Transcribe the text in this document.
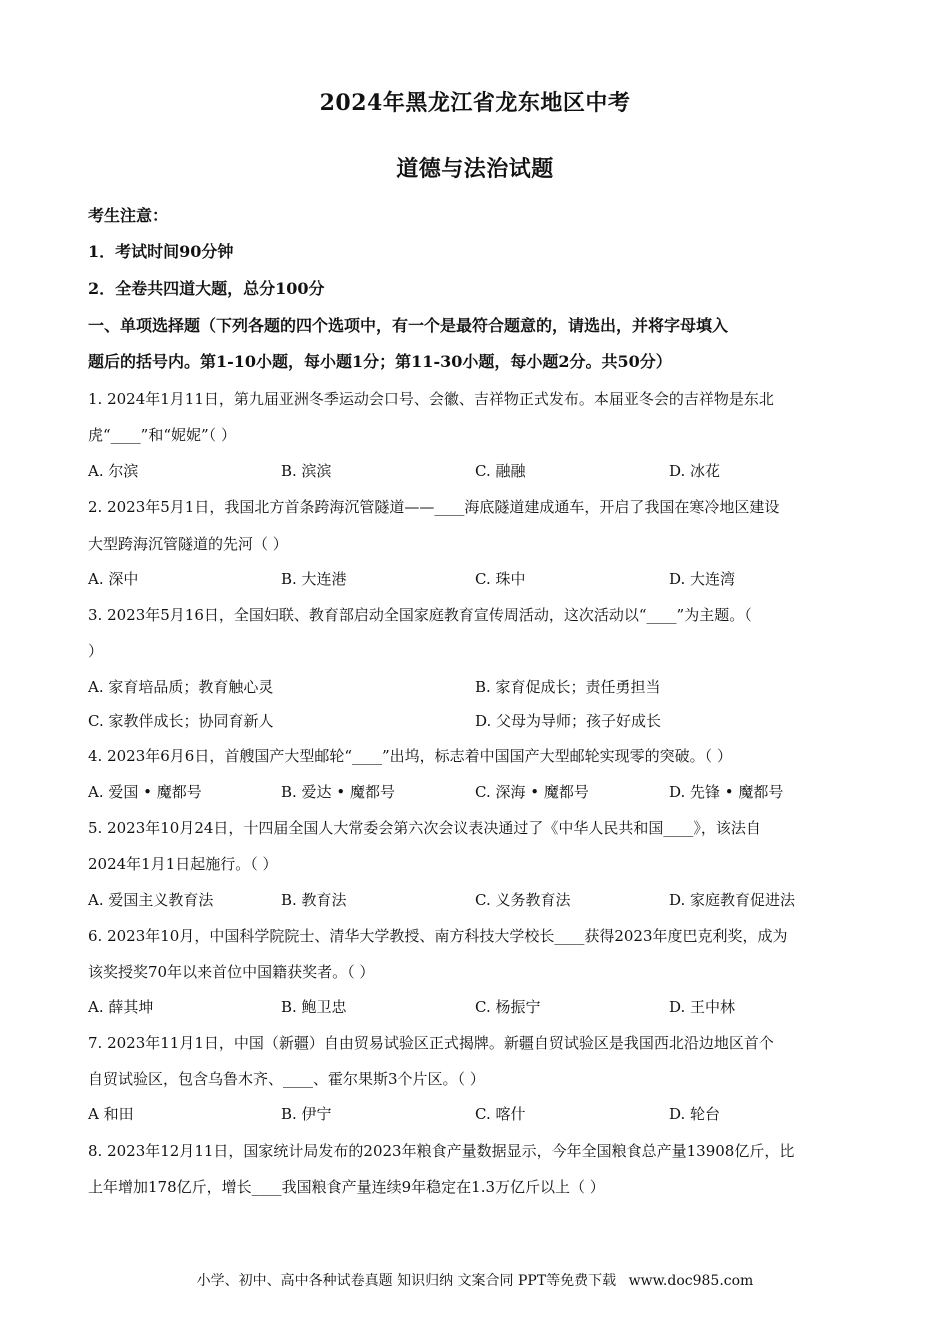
2024年黑龙江省龙东地区中考
道德与法治试题
考生注意：
1．考试时间90分钟
2．全卷共四道大题，总分100分
一、单项选择题（下列各题的四个选项中，有一个是最符合题意的，请选出，并将字母填入
题后的括号内。第1-10小题，每小题1分；第11-30小题，每小题2分。共50分）
1. 2024年1月11日，第九届亚洲冬季运动会口号、会徽、吉祥物正式发布。本届亚冬会的吉祥物是东北
虎“____”和“妮妮”（ ）
A. 尔滨	B. 滨滨	C. 融融	D. 冰花
2. 2023年5月1日，我国北方首条跨海沉管隧道——____海底隧道建成通车，开启了我国在寒冷地区建设
大型跨海沉管隧道的先河（ ）
A. 深中	B. 大连港	C. 珠中	D. 大连湾
3. 2023年5月16日，全国妇联、教育部启动全国家庭教育宣传周活动，这次活动以“____”为主题。（
）
A. 家育培品质；教育触心灵	B. 家育促成长；责任勇担当
C. 家教伴成长；协同育新人	D. 父母为导师；孩子好成长
4. 2023年6月6日，首艘国产大型邮轮“____”出坞，标志着中国国产大型邮轮实现零的突破。（ ）
A. 爱国 • 魔都号	B. 爱达 • 魔都号	C. 深海 • 魔都号	D. 先锋 • 魔都号
5. 2023年10月24日，十四届全国人大常委会第六次会议表决通过了《中华人民共和国____》，该法自
2024年1月1日起施行。（ ）
A. 爱国主义教育法	B. 教育法	C. 义务教育法	D. 家庭教育促进法
6. 2023年10月，中国科学院院士、清华大学教授、南方科技大学校长____获得2023年度巴克利奖，成为
该奖授奖70年以来首位中国籍获奖者。（ ）
A. 薛其坤	B. 鲍卫忠	C. 杨振宁	D. 王中林
7. 2023年11月1日，中国（新疆）自由贸易试验区正式揭牌。新疆自贸试验区是我国西北沿边地区首个
自贸试验区，包含乌鲁木齐、____、霍尔果斯3个片区。（ ）
A 和田	B. 伊宁	C. 喀什	D. 轮台
8. 2023年12月11日，国家统计局发布的2023年粮食产量数据显示，今年全国粮食总产量13908亿斤，比
上年增加178亿斤，增长____我国粮食产量连续9年稳定在1.3万亿斤以上（ ）
小学、初中、高中各种试卷真题 知识归纳 文案合同 PPT等免费下载 www.doc985.com
